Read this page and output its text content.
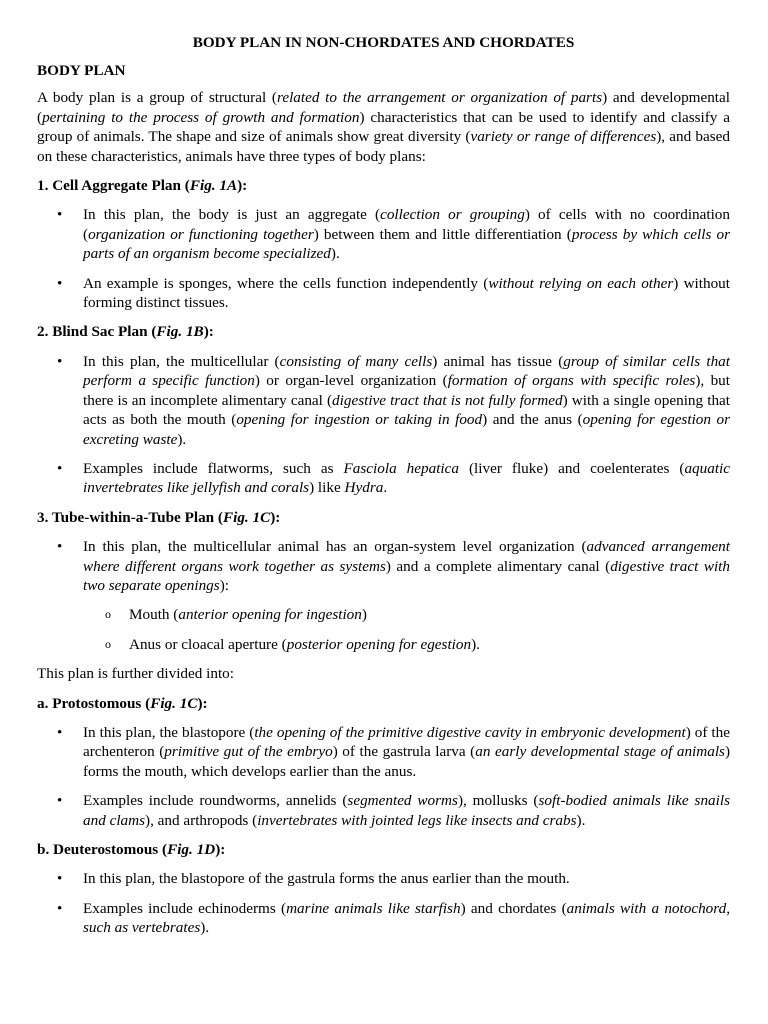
BODY PLAN IN NON-CHORDATES AND CHORDATES

BODY PLAN

A body plan is a group of structural (related to the arrangement or organization of parts) and developmental (pertaining to the process of growth and formation) characteristics that can be used to identify and classify a group of animals. The shape and size of animals show great diversity (variety or range of differences), and based on these characteristics, animals have three types of body plans:

1. Cell Aggregate Plan (Fig. 1A):

• In this plan, the body is just an aggregate (collection or grouping) of cells with no coordination (organization or functioning together) between them and little differentiation (process by which cells or parts of an organism become specialized).
• An example is sponges, where the cells function independently (without relying on each other) without forming distinct tissues.

2. Blind Sac Plan (Fig. 1B):

• In this plan, the multicellular (consisting of many cells) animal has tissue (group of similar cells that perform a specific function) or organ-level organization (formation of organs with specific roles), but there is an incomplete alimentary canal (digestive tract that is not fully formed) with a single opening that acts as both the mouth (opening for ingestion or taking in food) and the anus (opening for egestion or excreting waste).
• Examples include flatworms, such as Fasciola hepatica (liver fluke) and coelenterates (aquatic invertebrates like jellyfish and corals) like Hydra.

3. Tube-within-a-Tube Plan (Fig. 1C):

• In this plan, the multicellular animal has an organ-system level organization (advanced arrangement where different organs work together as systems) and a complete alimentary canal (digestive tract with two separate openings):
o Mouth (anterior opening for ingestion)
o Anus or cloacal aperture (posterior opening for egestion).

This plan is further divided into:

a. Protostomous (Fig. 1C):

• In this plan, the blastopore (the opening of the primitive digestive cavity in embryonic development) of the archenteron (primitive gut of the embryo) of the gastrula larva (an early developmental stage of animals) forms the mouth, which develops earlier than the anus.
• Examples include roundworms, annelids (segmented worms), mollusks (soft-bodied animals like snails and clams), and arthropods (invertebrates with jointed legs like insects and crabs).

b. Deuterostomous (Fig. 1D):

• In this plan, the blastopore of the gastrula forms the anus earlier than the mouth.
• Examples include echinoderms (marine animals like starfish) and chordates (animals with a notochord, such as vertebrates).
